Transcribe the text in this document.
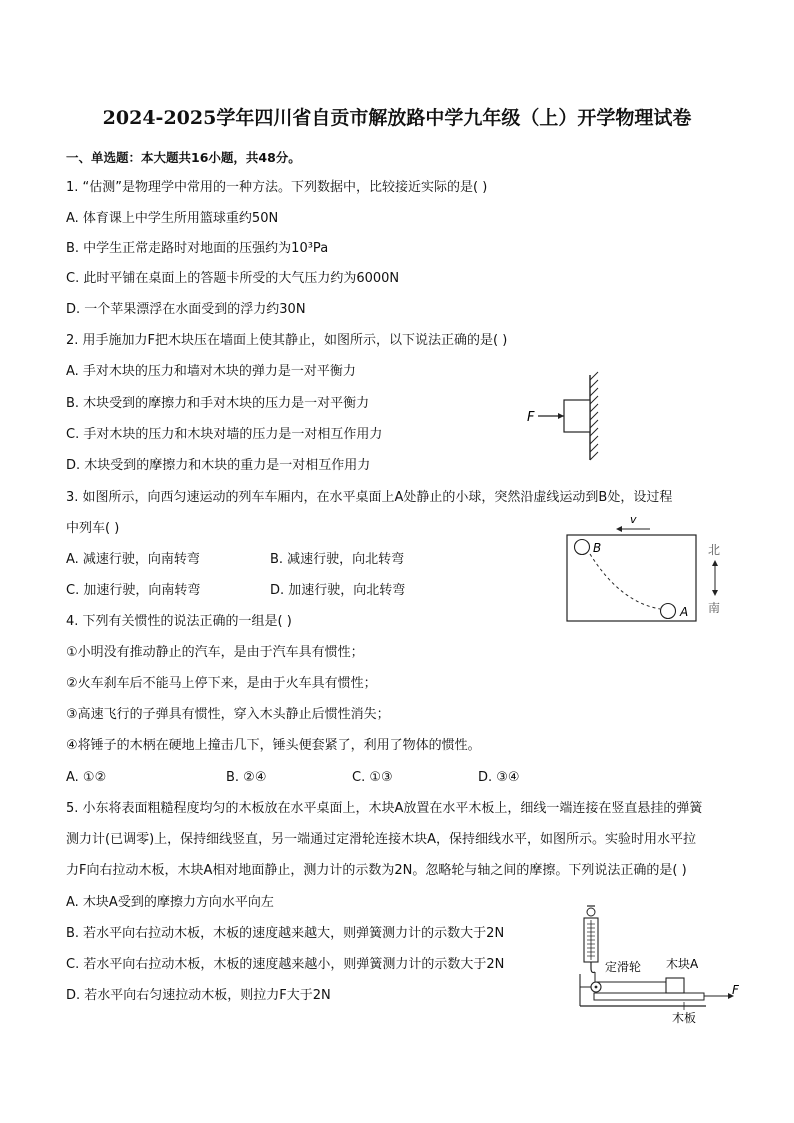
2024-2025学年四川省自贡市解放路中学九年级（上）开学物理试卷
一、单选题：本大题共16小题，共48分。
1. “估测”是物理学中常用的一种方法。下列数据中，比较接近实际的是( )
A. 体育课上中学生所用篮球重约50N
B. 中学生正常走路时对地面的压强约为10³Pa
C. 此时平铺在桌面上的答题卡所受的大气压力约为6000N
D. 一个苹果漂浮在水面受到的浮力约30N
2. 用手施加力F把木块压在墙面上使其静止，如图所示，以下说法正确的是( )
A. 手对木块的压力和墙对木块的弹力是一对平衡力
B. 木块受到的摩擦力和手对木块的压力是一对平衡力
C. 手对木块的压力和木块对墙的压力是一对相互作用力
D. 木块受到的摩擦力和木块的重力是一对相互作用力
F
3. 如图所示，向西匀速运动的列车车厢内，在水平桌面上A处静止的小球，突然沿虚线运动到B处，设过程
中列车( )
A. 减速行驶，向南转弯	B. 减速行驶，向北转弯
C. 加速行驶，向南转弯	D. 加速行驶，向北转弯
v
B
A
北
南
4. 下列有关惯性的说法正确的一组是( )
①小明没有推动静止的汽车，是由于汽车具有惯性；
②火车刹车后不能马上停下来，是由于火车具有惯性；
③高速飞行的子弹具有惯性，穿入木头静止后惯性消失；
④将锤子的木柄在硬地上撞击几下，锤头便套紧了，利用了物体的惯性。
A. ①②	B. ②④	C. ①③	D. ③④
5. 小东将表面粗糙程度均匀的木板放在水平桌面上，木块A放置在水平木板上，细线一端连接在竖直悬挂的弹簧
测力计(已调零)上，保持细线竖直，另一端通过定滑轮连接木块A，保持细线水平，如图所示。实验时用水平拉
力F向右拉动木板，木块A相对地面静止，测力计的示数为2N。忽略轮与轴之间的摩擦。下列说法正确的是( )
A. 木块A受到的摩擦力方向水平向左
B. 若水平向右拉动木板，木板的速度越来越大，则弹簧测力计的示数大于2N
C. 若水平向右拉动木板，木板的速度越来越小，则弹簧测力计的示数大于2N
D. 若水平向右匀速拉动木板，则拉力F大于2N	F
定滑轮 木块A
木板
